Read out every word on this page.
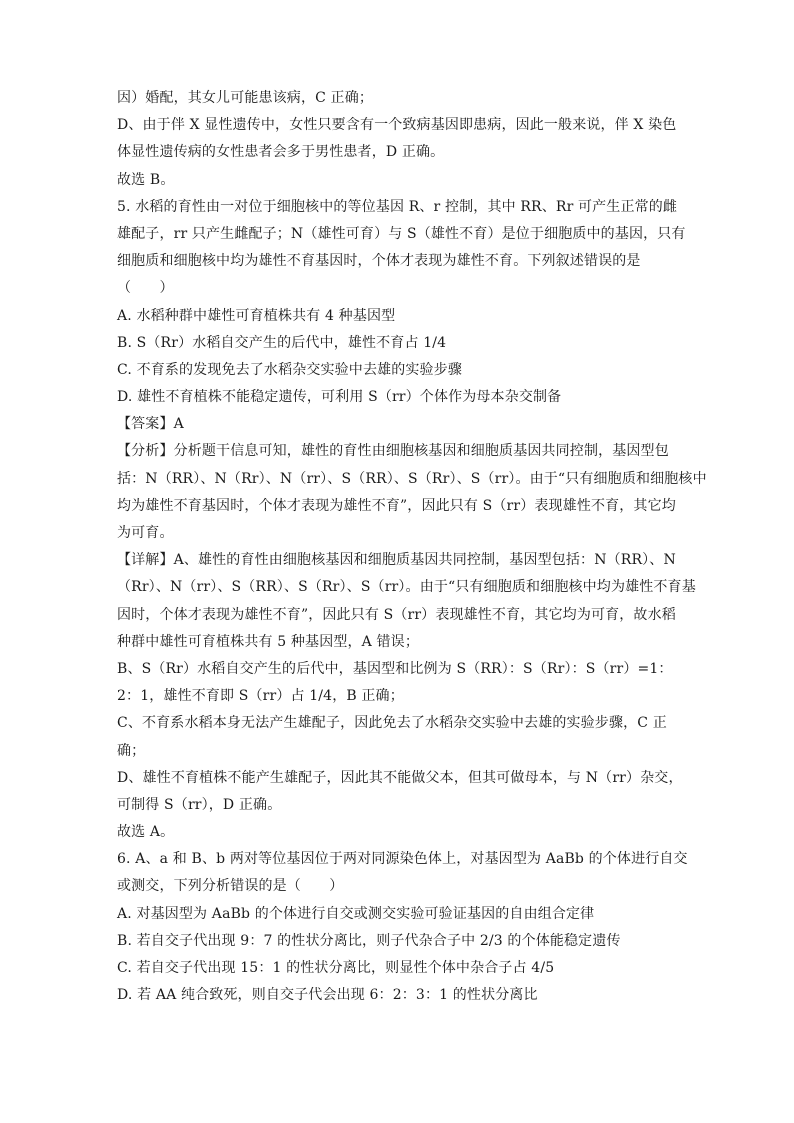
因）婚配，其女儿可能患该病，C 正确；
D、由于伴 X 显性遗传中，女性只要含有一个致病基因即患病，因此一般来说，伴 X 染色
体显性遗传病的女性患者会多于男性患者，D 正确。
故选 B。
5. 水稻的育性由一对位于细胞核中的等位基因 R、r 控制，其中 RR、Rr 可产生正常的雌
雄配子，rr 只产生雌配子；N（雄性可育）与 S（雄性不育）是位于细胞质中的基因，只有
细胞质和细胞核中均为雄性不育基因时，个体才表现为雄性不育。下列叙述错误的是
（　　）
A. 水稻种群中雄性可育植株共有 4 种基因型
B. S（Rr）水稻自交产生的后代中，雄性不育占 1/4
C. 不育系的发现免去了水稻杂交实验中去雄的实验步骤
D. 雄性不育植株不能稳定遗传，可利用 S（rr）个体作为母本杂交制备
【答案】A
【分析】分析题干信息可知，雄性的育性由细胞核基因和细胞质基因共同控制，基因型包
括：N（RR）、N（Rr）、N（rr）、S（RR）、S（Rr）、S（rr）。由于“只有细胞质和细胞核中
均为雄性不育基因时，个体才表现为雄性不育”，因此只有 S（rr）表现雄性不育，其它均
为可育。
【详解】A、雄性的育性由细胞核基因和细胞质基因共同控制，基因型包括：N（RR）、N
（Rr）、N（rr）、S（RR）、S（Rr）、S（rr）。由于“只有细胞质和细胞核中均为雄性不育基
因时，个体才表现为雄性不育”，因此只有 S（rr）表现雄性不育，其它均为可育，故水稻
种群中雄性可育植株共有 5 种基因型，A 错误；
B、S（Rr）水稻自交产生的后代中，基因型和比例为 S（RR）：S（Rr）：S（rr）=1：
2：1，雄性不育即 S（rr）占 1/4，B 正确；
C、不育系水稻本身无法产生雄配子，因此免去了水稻杂交实验中去雄的实验步骤，C 正
确；
D、雄性不育植株不能产生雄配子，因此其不能做父本，但其可做母本，与 N（rr）杂交，
可制得 S（rr），D 正确。
故选 A。
6. A、a 和 B、b 两对等位基因位于两对同源染色体上，对基因型为 AaBb 的个体进行自交
或测交，下列分析错误的是（　　）
A. 对基因型为 AaBb 的个体进行自交或测交实验可验证基因的自由组合定律
B. 若自交子代出现 9：7 的性状分离比，则子代杂合子中 2/3 的个体能稳定遗传
C. 若自交子代出现 15：1 的性状分离比，则显性个体中杂合子占 4/5
D. 若 AA 纯合致死，则自交子代会出现 6：2：3：1 的性状分离比
